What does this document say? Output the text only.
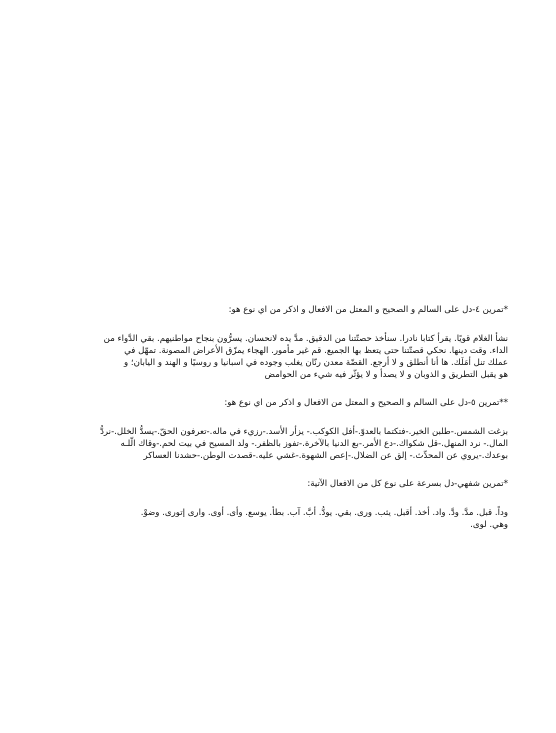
*تمرين ٤-دل على السالم و الصحيح و المعتل من الافعال و اذكر من اي نوع هو:

نشأ الغلام قويًا. يقرأ كتابا نادرا. سنأخذ حصتّتنا من الدقيق. مدَّ يده لانحسان. يسرُّون بنجاح مواطنيهم. بقي الدَّواء من

الداء. وقت دينها. نحكي قصتّتنا حتى يتعظ بها الجميع. قم غير مأمور. الهجاء يمزّق الأعراض المصونة. تمهّل في

عملك تنل أمَلَك. ها أنا أنطلق و لا أرجع. القضّة معدن رنّان يغلب وجوده في اسبانيا و روسيًا و الهند و اليابان؛ و

هو يقبل التطريق و الذوبان و لا يصدأ و لا يؤثّر فيه شيء من الحوامض

**تمرين ٥-دل على السالم و الصحيح و المعتل من الافعال و اذكر من اي نوع هو:

بزغت الشمس.-طلبن الخير.-فتكتما بالعدوّ.-أفل الكوكب.- يزأر الأسد.-رزيء في ماله.-تعرفون الحقّ.-يسدُّ الخلل.-نردُّ

المال.- نرد المنهل.-قل شكواك.-دع الأمر.-بع الدنيا بالآخرة.-تفوز بالظفر.- ولد المسيح في بيت لحم.-وقاك الّلـه

بوعدك.-يروي عن المحدِّث.- إلق عن الضلال.-إعص الشهوة.-غشي عليه.-قصدت الوطن.-حشدنا العساكر

*تمرين شفهي-دل بسرعة على نوع كل من الافعال الآتية:

وداً. قبل. مدَّ. ودَّ. واد. أخذ. أقبل. يثب. ورى. بقي. يودُّ. أبَّ. آب. بطأ. يوسع. وأى. أوى. وارى إتورى. وضوْ.

وهي. لوى.
